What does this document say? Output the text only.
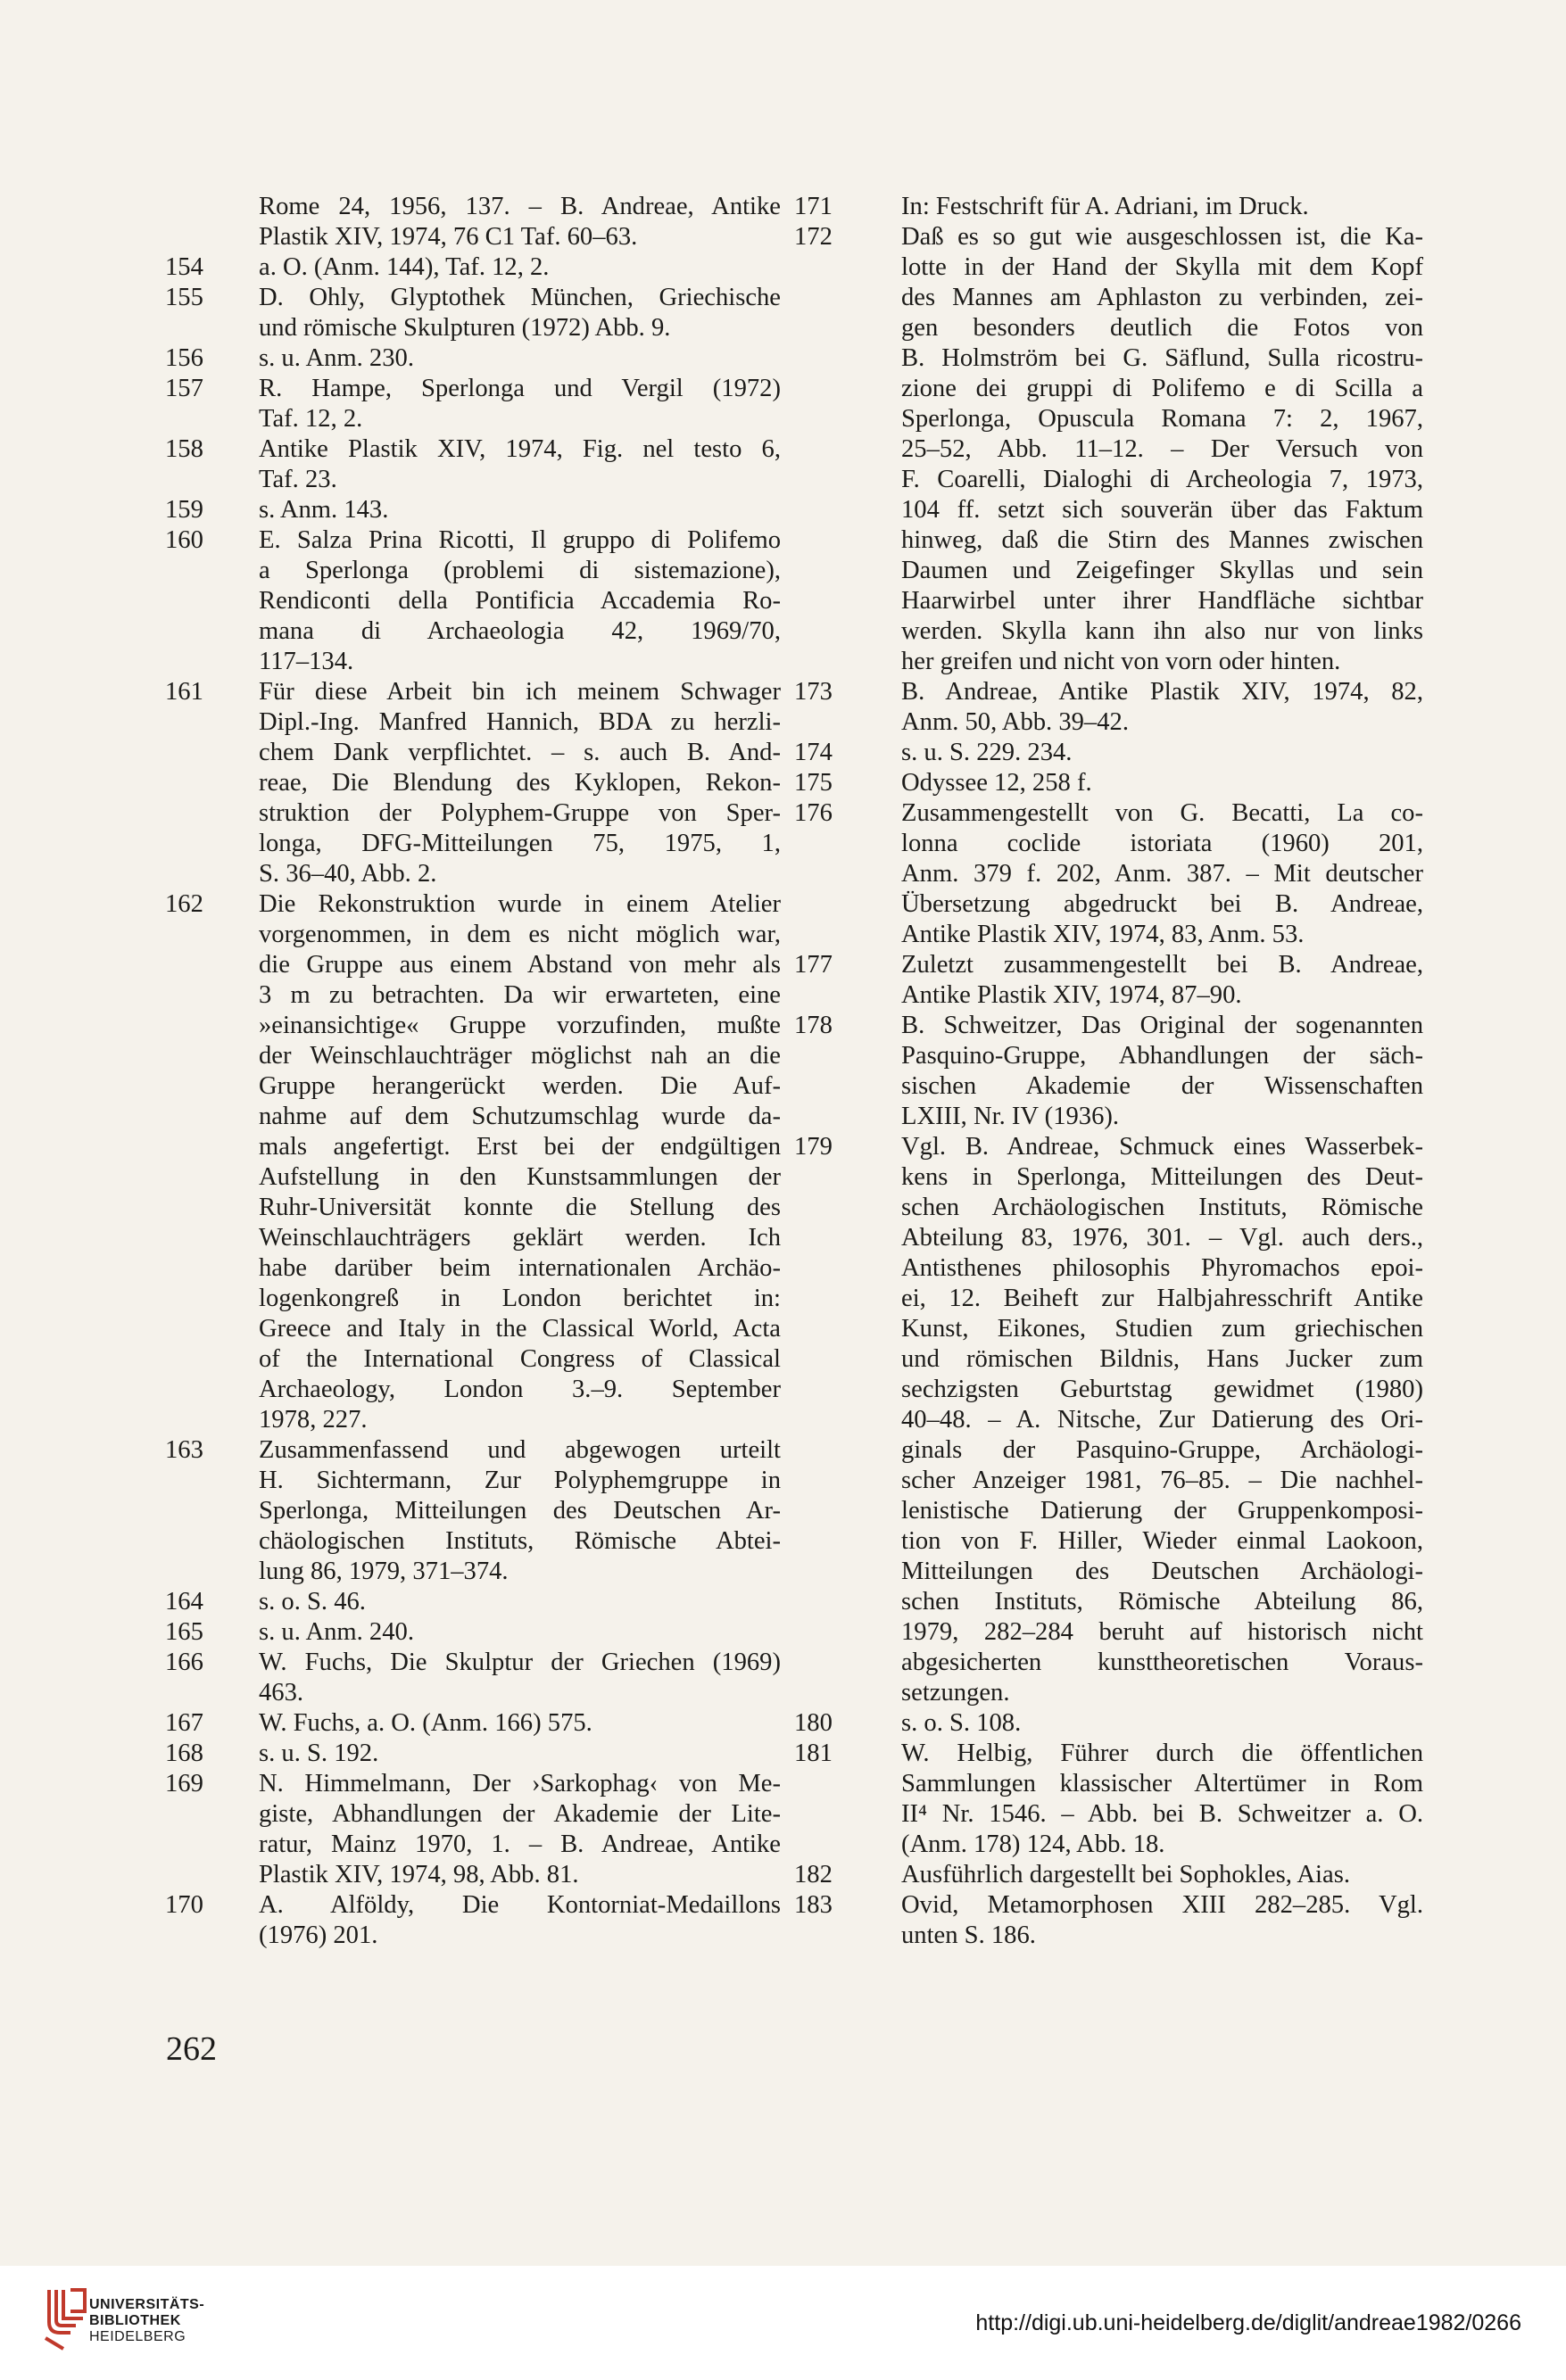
Rome 24, 1956, 137. – B. Andreae, Antike
Plastik XIV, 1974, 76 C1 Taf. 60–63.
154	a. O. (Anm. 144), Taf. 12, 2.
155	D. Ohly, Glyptothek München, Griechische
und römische Skulpturen (1972) Abb. 9.
156	s. u. Anm. 230.
157	R. Hampe, Sperlonga und Vergil (1972)
Taf. 12, 2.
158	Antike Plastik XIV, 1974, Fig. nel testo 6,
Taf. 23.
159	s. Anm. 143.
160	E. Salza Prina Ricotti, Il gruppo di Polifemo
a Sperlonga (problemi di sistemazione),
Rendiconti della Pontificia Accademia Ro-
mana di Archaeologia 42, 1969/70,
117–134.
161	Für diese Arbeit bin ich meinem Schwager
Dipl.-Ing. Manfred Hannich, BDA zu herzli-
chem Dank verpflichtet. – s. auch B. And-
reae, Die Blendung des Kyklopen, Rekon-
struktion der Polyphem-Gruppe von Sper-
longa, DFG-Mitteilungen 75, 1975, 1,
S. 36–40, Abb. 2.
162	Die Rekonstruktion wurde in einem Atelier
vorgenommen, in dem es nicht möglich war,
die Gruppe aus einem Abstand von mehr als
3 m zu betrachten. Da wir erwarteten, eine
»einansichtige« Gruppe vorzufinden, mußte
der Weinschlauchträger möglichst nah an die
Gruppe herangerückt werden. Die Auf-
nahme auf dem Schutzumschlag wurde da-
mals angefertigt. Erst bei der endgültigen
Aufstellung in den Kunstsammlungen der
Ruhr-Universität konnte die Stellung des
Weinschlauchträgers geklärt werden. Ich
habe darüber beim internationalen Archäo-
logenkongreß in London berichtet in:
Greece and Italy in the Classical World, Acta
of the International Congress of Classical
Archaeology, London 3.–9. September
1978, 227.
163	Zusammenfassend und abgewogen urteilt
H. Sichtermann, Zur Polyphemgruppe in
Sperlonga, Mitteilungen des Deutschen Ar-
chäologischen Instituts, Römische Abtei-
lung 86, 1979, 371–374.
164	s. o. S. 46.
165	s. u. Anm. 240.
166	W. Fuchs, Die Skulptur der Griechen (1969)
463.
167	W. Fuchs, a. O. (Anm. 166) 575.
168	s. u. S. 192.
169	N. Himmelmann, Der ›Sarkophag‹ von Me-
giste, Abhandlungen der Akademie der Lite-
ratur, Mainz 1970, 1. – B. Andreae, Antike
Plastik XIV, 1974, 98, Abb. 81.
170	A. Alföldy, Die Kontorniat-Medaillons
(1976) 201.
171	In: Festschrift für A. Adriani, im Druck.
172	Daß es so gut wie ausgeschlossen ist, die Ka-
lotte in der Hand der Skylla mit dem Kopf
des Mannes am Aphlaston zu verbinden, zei-
gen besonders deutlich die Fotos von
B. Holmström bei G. Säflund, Sulla ricostru-
zione dei gruppi di Polifemo e di Scilla a
Sperlonga, Opuscula Romana 7: 2, 1967,
25–52, Abb. 11–12. – Der Versuch von
F. Coarelli, Dialoghi di Archeologia 7, 1973,
104 ff. setzt sich souverän über das Faktum
hinweg, daß die Stirn des Mannes zwischen
Daumen und Zeigefinger Skyllas und sein
Haarwirbel unter ihrer Handfläche sichtbar
werden. Skylla kann ihn also nur von links
her greifen und nicht von vorn oder hinten.
173	B. Andreae, Antike Plastik XIV, 1974, 82,
Anm. 50, Abb. 39–42.
174	s. u. S. 229. 234.
175	Odyssee 12, 258 f.
176	Zusammengestellt von G. Becatti, La co-
lonna coclide istoriata (1960) 201,
Anm. 379 f. 202, Anm. 387. – Mit deutscher
Übersetzung abgedruckt bei B. Andreae,
Antike Plastik XIV, 1974, 83, Anm. 53.
177	Zuletzt zusammengestellt bei B. Andreae,
Antike Plastik XIV, 1974, 87–90.
178	B. Schweitzer, Das Original der sogenannten
Pasquino-Gruppe, Abhandlungen der säch-
sischen Akademie der Wissenschaften
LXIII, Nr. IV (1936).
179	Vgl. B. Andreae, Schmuck eines Wasserbek-
kens in Sperlonga, Mitteilungen des Deut-
schen Archäologischen Instituts, Römische
Abteilung 83, 1976, 301. – Vgl. auch ders.,
Antisthenes philosophis Phyromachos epoi-
ei, 12. Beiheft zur Halbjahresschrift Antike
Kunst, Eikones, Studien zum griechischen
und römischen Bildnis, Hans Jucker zum
sechzigsten Geburtstag gewidmet (1980)
40–48. – A. Nitsche, Zur Datierung des Ori-
ginals der Pasquino-Gruppe, Archäologi-
scher Anzeiger 1981, 76–85. – Die nachhel-
lenistische Datierung der Gruppenkomposi-
tion von F. Hiller, Wieder einmal Laokoon,
Mitteilungen des Deutschen Archäologi-
schen Instituts, Römische Abteilung 86,
1979, 282–284 beruht auf historisch nicht
abgesicherten kunsttheoretischen Voraus-
setzungen.
180	s. o. S. 108.
181	W. Helbig, Führer durch die öffentlichen
Sammlungen klassischer Altertümer in Rom
II⁴ Nr. 1546. – Abb. bei B. Schweitzer a. O.
(Anm. 178) 124, Abb. 18.
182	Ausführlich dargestellt bei Sophokles, Aias.
183	Ovid, Metamorphosen XIII 282–285. Vgl.
unten S. 186.
262
UNIVERSITÄTS-
BIBLIOTHEK
HEIDELBERG
http://digi.ub.uni-heidelberg.de/diglit/andreae1982/0266
